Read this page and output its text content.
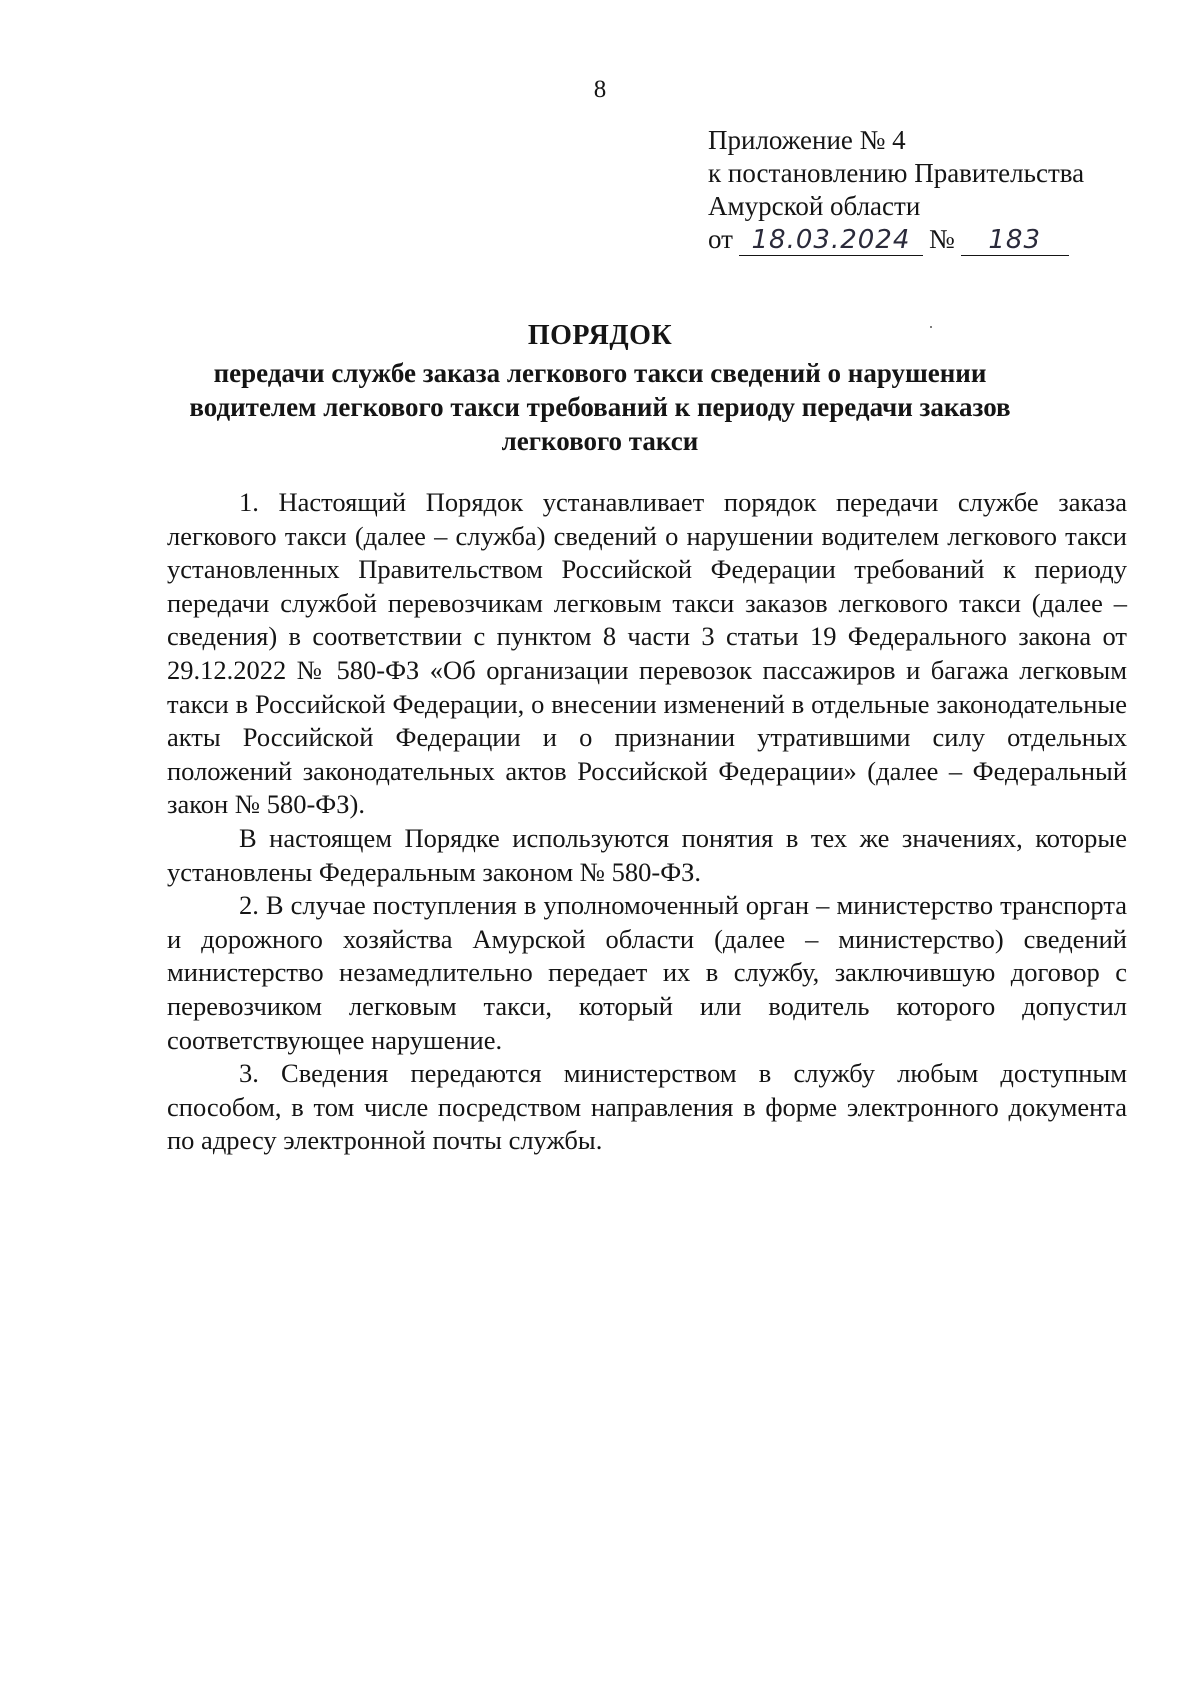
8
Приложение № 4
к постановлению Правительства
Амурской области
от 18.03.2024 №	183
ПОРЯДОК
передачи службе заказа легкового такси сведений о нарушении водителем легкового такси требований к периоду передачи заказов легкового такси

1. Настоящий Порядок устанавливает порядок передачи службе заказа легкового такси (далее – служба) сведений о нарушении водителем легкового такси установленных Правительством Российской Федерации требований к периоду передачи службой перевозчикам легковым такси заказов легкового такси (далее – сведения) в соответствии с пунктом 8 части 3 статьи 19 Федерального закона от 29.12.2022 № 580-ФЗ «Об организации перевозок пассажиров и багажа легковым такси в Российской Федерации, о внесении изменений в отдельные законодательные акты Российской Федерации и о признании утратившими силу отдельных положений законодательных актов Российской Федерации» (далее – Федеральный закон № 580-ФЗ).

В настоящем Порядке используются понятия в тех же значениях, которые установлены Федеральным законом № 580-ФЗ.

2. В случае поступления в уполномоченный орган – министерство транспорта и дорожного хозяйства Амурской области (далее – министерство) сведений министерство незамедлительно передает их в службу, заключившую договор с перевозчиком легковым такси, который или водитель которого допустил соответствующее нарушение.

3. Сведения передаются министерством в службу любым доступным способом, в том числе посредством направления в форме электронного документа по адресу электронной почты службы.
